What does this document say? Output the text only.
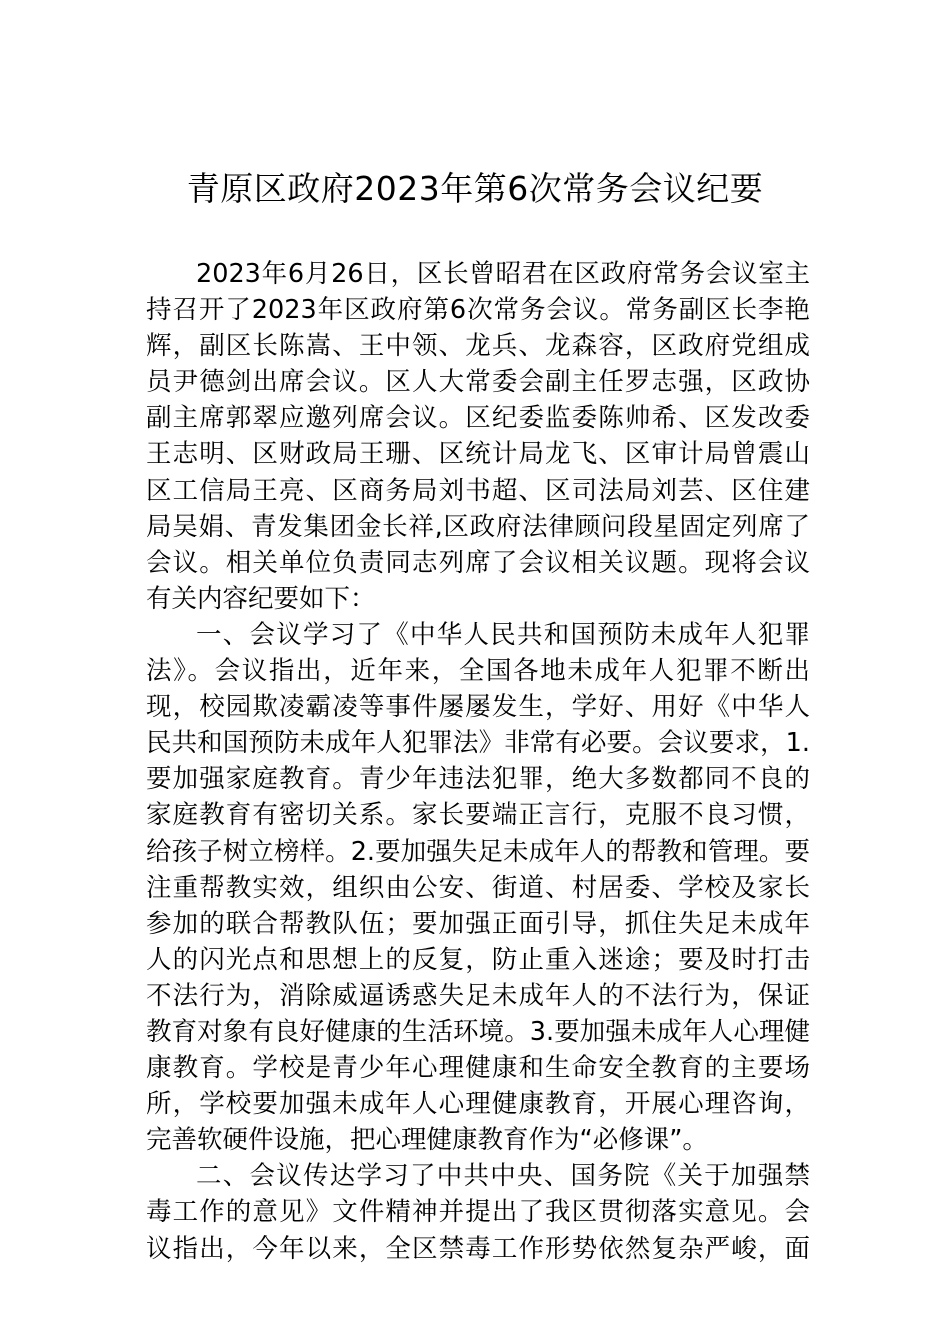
青原区政府2023年第6次常务会议纪要
2023年6月26日，区长曾昭君在区政府常务会议室主
持召开了2023年区政府第6次常务会议。常务副区长李艳
辉，副区长陈嵩、王中领、龙兵、龙森容，区政府党组成
员尹德剑出席会议。区人大常委会副主任罗志强，区政协
副主席郭翠应邀列席会议。区纪委监委陈帅希、区发改委
王志明、区财政局王珊、区统计局龙飞、区审计局曾震山
区工信局王亮、区商务局刘书超、区司法局刘芸、区住建
局吴娟、青发集团金长祥,区政府法律顾问段星固定列席了
会议。相关单位负责同志列席了会议相关议题。现将会议
有关内容纪要如下：
一、会议学习了《中华人民共和国预防未成年人犯罪
法》。会议指出，近年来，全国各地未成年人犯罪不断出
现，校园欺凌霸凌等事件屡屡发生，学好、用好《中华人
民共和国预防未成年人犯罪法》非常有必要。会议要求，1.
要加强家庭教育。青少年违法犯罪，绝大多数都同不良的
家庭教育有密切关系。家长要端正言行，克服不良习惯，
给孩子树立榜样。2.要加强失足未成年人的帮教和管理。要
注重帮教实效，组织由公安、街道、村居委、学校及家长
参加的联合帮教队伍；要加强正面引导，抓住失足未成年
人的闪光点和思想上的反复，防止重入迷途；要及时打击
不法行为，消除威逼诱惑失足未成年人的不法行为，保证
教育对象有良好健康的生活环境。3.要加强未成年人心理健
康教育。学校是青少年心理健康和生命安全教育的主要场
所，学校要加强未成年人心理健康教育，开展心理咨询，
完善软硬件设施，把心理健康教育作为“必修课”。
二、会议传达学习了中共中央、国务院《关于加强禁
毒工作的意见》文件精神并提出了我区贯彻落实意见。会
议指出，今年以来，全区禁毒工作形势依然复杂严峻，面
